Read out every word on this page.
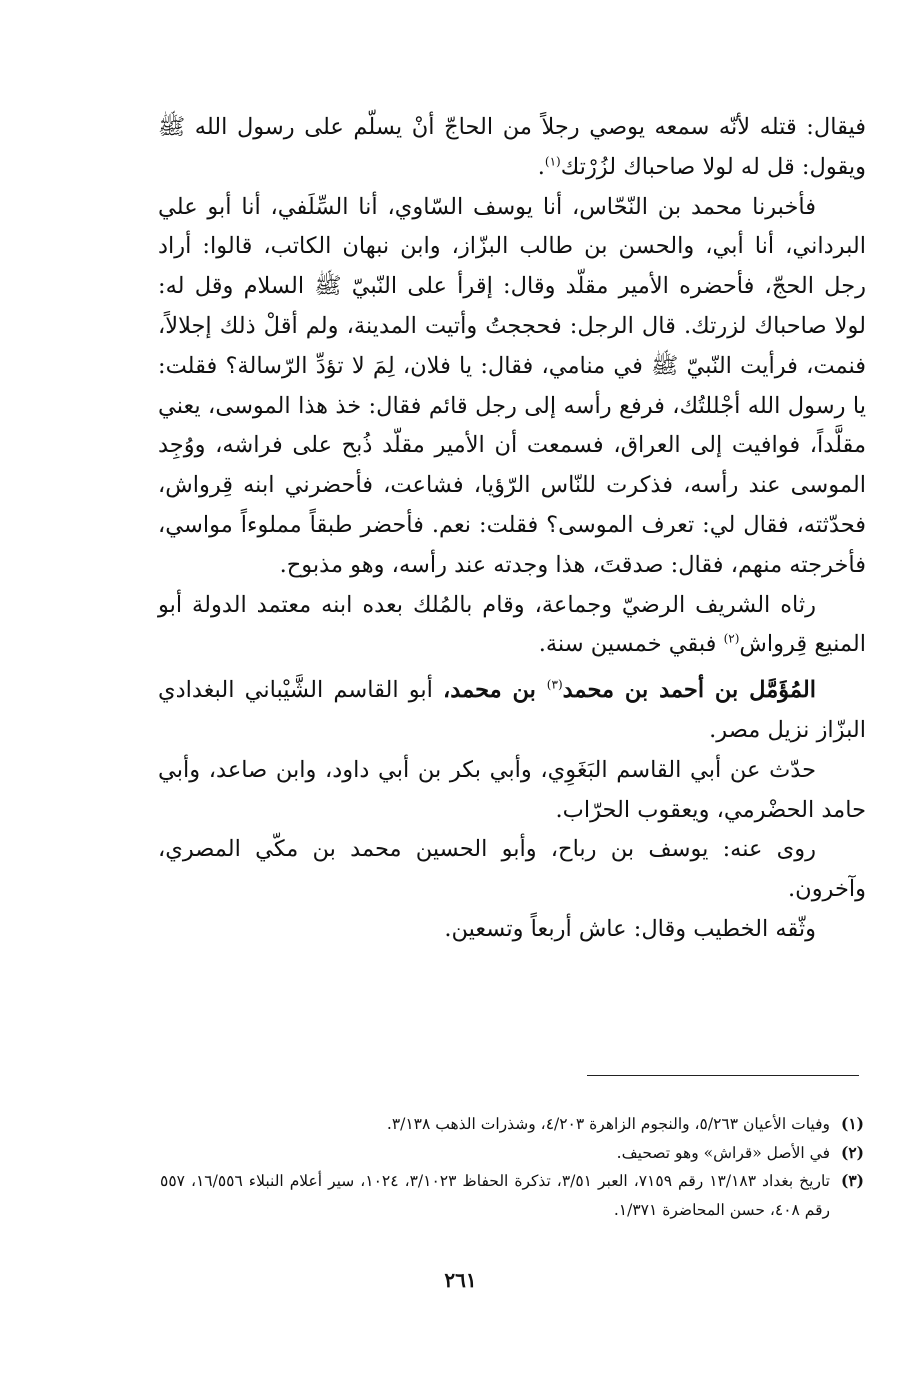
فيقال: قتله لأنّه سمعه يوصي رجلاً من الحاجّ أنْ يسلّم على رسول الله ﷺ ويقول: قل له لولا صاحباك لزُرْتك$^{(١)}$.

فأخبرنا محمد بن النّحّاس، أنا يوسف السّاوي، أنا السِّلَفي، أنا أبو علي البرداني، أنا أبي، والحسن بن طالب البزّاز، وابن نبهان الكاتب، قالوا: أراد رجل الحجّ، فأحضره الأمير مقلّد وقال: إقرأ على النّبيّ ﷺ السلام وقل له: لولا صاحباك لزرتك. قال الرجل: فحججتُ وأتيت المدينة، ولم أقلْ ذلك إجلالاً، فنمت، فرأيت النّبيّ ﷺ في منامي، فقال: يا فلان، لِمَ لا تؤدِّ الرّسالة؟ فقلت: يا رسول الله أجْللتُك، فرفع رأسه إلى رجل قائم فقال: خذ هذا الموسى، يعني مقلَّداً، فوافيت إلى العراق، فسمعت أن الأمير مقلّد ذُبح على فراشه، ووُجِد الموسى عند رأسه، فذكرت للنّاس الرّؤيا، فشاعت، فأحضرني ابنه قِرواش، فحدّثته، فقال لي: تعرف الموسى؟ فقلت: نعم. فأحضر طبقاً مملوءاً مواسي، فأخرجته منهم، فقال: صدقتَ، هذا وجدته عند رأسه، وهو مذبوح.

رثاه الشريف الرضيّ وجماعة، وقام بالمُلك بعده ابنه معتمد الدولة أبو المنيع قِرواش$^{(٢)}$ فبقي خمسين سنة.

المُؤَمَّل بن أحمد بن محمد$^{(٣)}$ بن محمد، أبو القاسم الشَّيْباني البغدادي البزّاز نزيل مصر.

حدّث عن أبي القاسم البَغَوِي، وأبي بكر بن أبي داود، وابن صاعد، وأبي حامد الحضْرمي، ويعقوب الحرّاب.

روى عنه: يوسف بن رباح، وأبو الحسين محمد بن مكّي المصري، وآخرون.

وثّقه الخطيب وقال: عاش أربعاً وتسعين.

(١)
وفيات الأعيان ٥/٢٦٣، والنجوم الزاهرة ٤/٢٠٣، وشذرات الذهب ٣/١٣٨.
(٢)
في الأصل «قراش» وهو تصحيف.
(٣)
تاريخ بغداد ١٣/١٨٣ رقم ٧١٥٩، العبر ٣/٥١، تذكرة الحفاظ ٣/١٠٢٣، ١٠٢٤، سير أعلام النبلاء ١٦/٥٥٦، ٥٥٧ رقم ٤٠٨، حسن المحاضرة ١/٣٧١.
٢٦١
